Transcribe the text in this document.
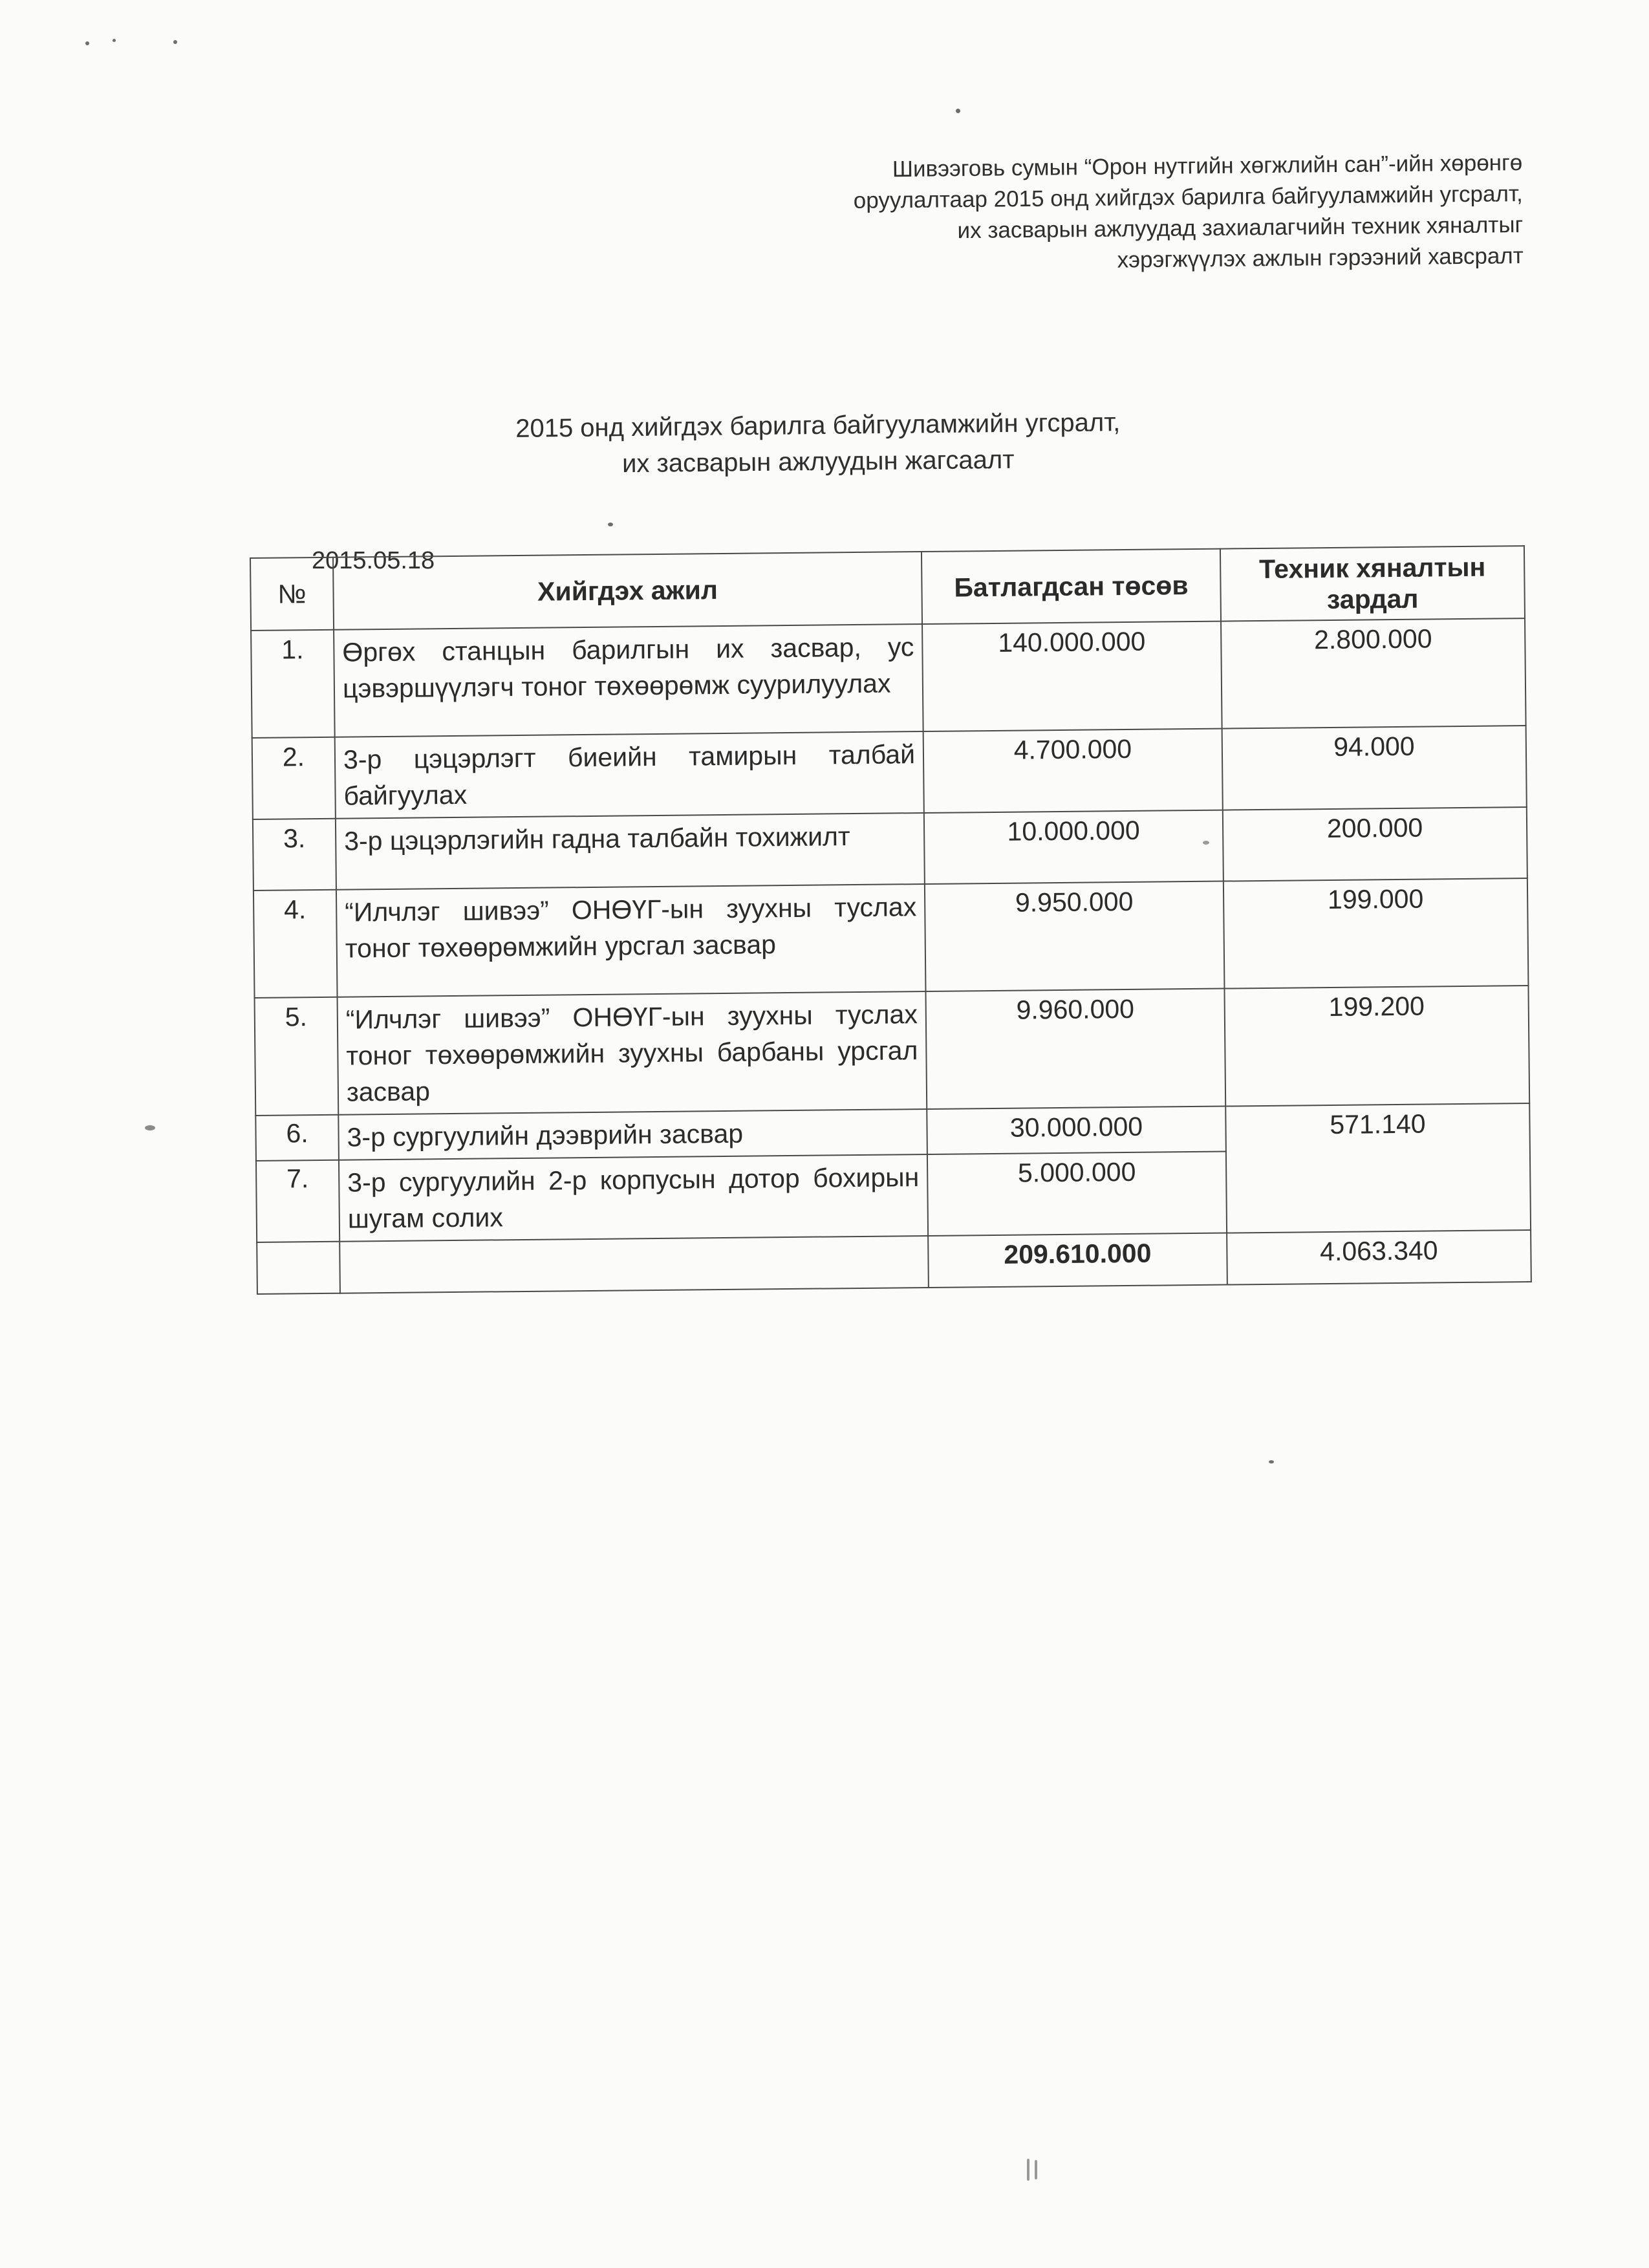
Шивээговь сумын “Орон нутгийн хөгжлийн сан”-ийн хөрөнгө
оруулалтаар 2015 онд хийгдэх барилга байгууламжийн угсралт,
их засварын ажлуудад захиалагчийн техник хяналтыг
хэрэгжүүлэх ажлын гэрээний хавсралт
2015 онд хийгдэх барилга байгууламжийн угсралт,
их засварын ажлуудын жагсаалт
2015.05.18
№	Хийгдэх ажил	Батлагдсан төсөв	Техник хяналтын зардал
1.	Өргөх станцын барилгын их засвар, ус цэвэршүүлэгч тоног төхөөрөмж суурилуулах	140.000.000	2.800.000
2.	3-р цэцэрлэгт биеийн тамирын талбай байгуулах	4.700.000	94.000
3.	3-р цэцэрлэгийн гадна талбайн тохижилт	10.000.000	200.000
4.	“Илчлэг шивээ” ОНӨҮГ-ын зуухны туслах тоног төхөөрөмжийн урсгал засвар	9.950.000	199.000
5.	“Илчлэг шивээ” ОНӨҮГ-ын зуухны туслах тоног төхөөрөмжийн зуухны барбаны урсгал засвар	9.960.000	199.200
6.	3-р сургуулийн дээврийн засвар	30.000.000	571.140
7.	3-р сургуулийн 2-р корпусын дотор бохирын шугам солих	5.000.000	
		209.610.000	4.063.340
